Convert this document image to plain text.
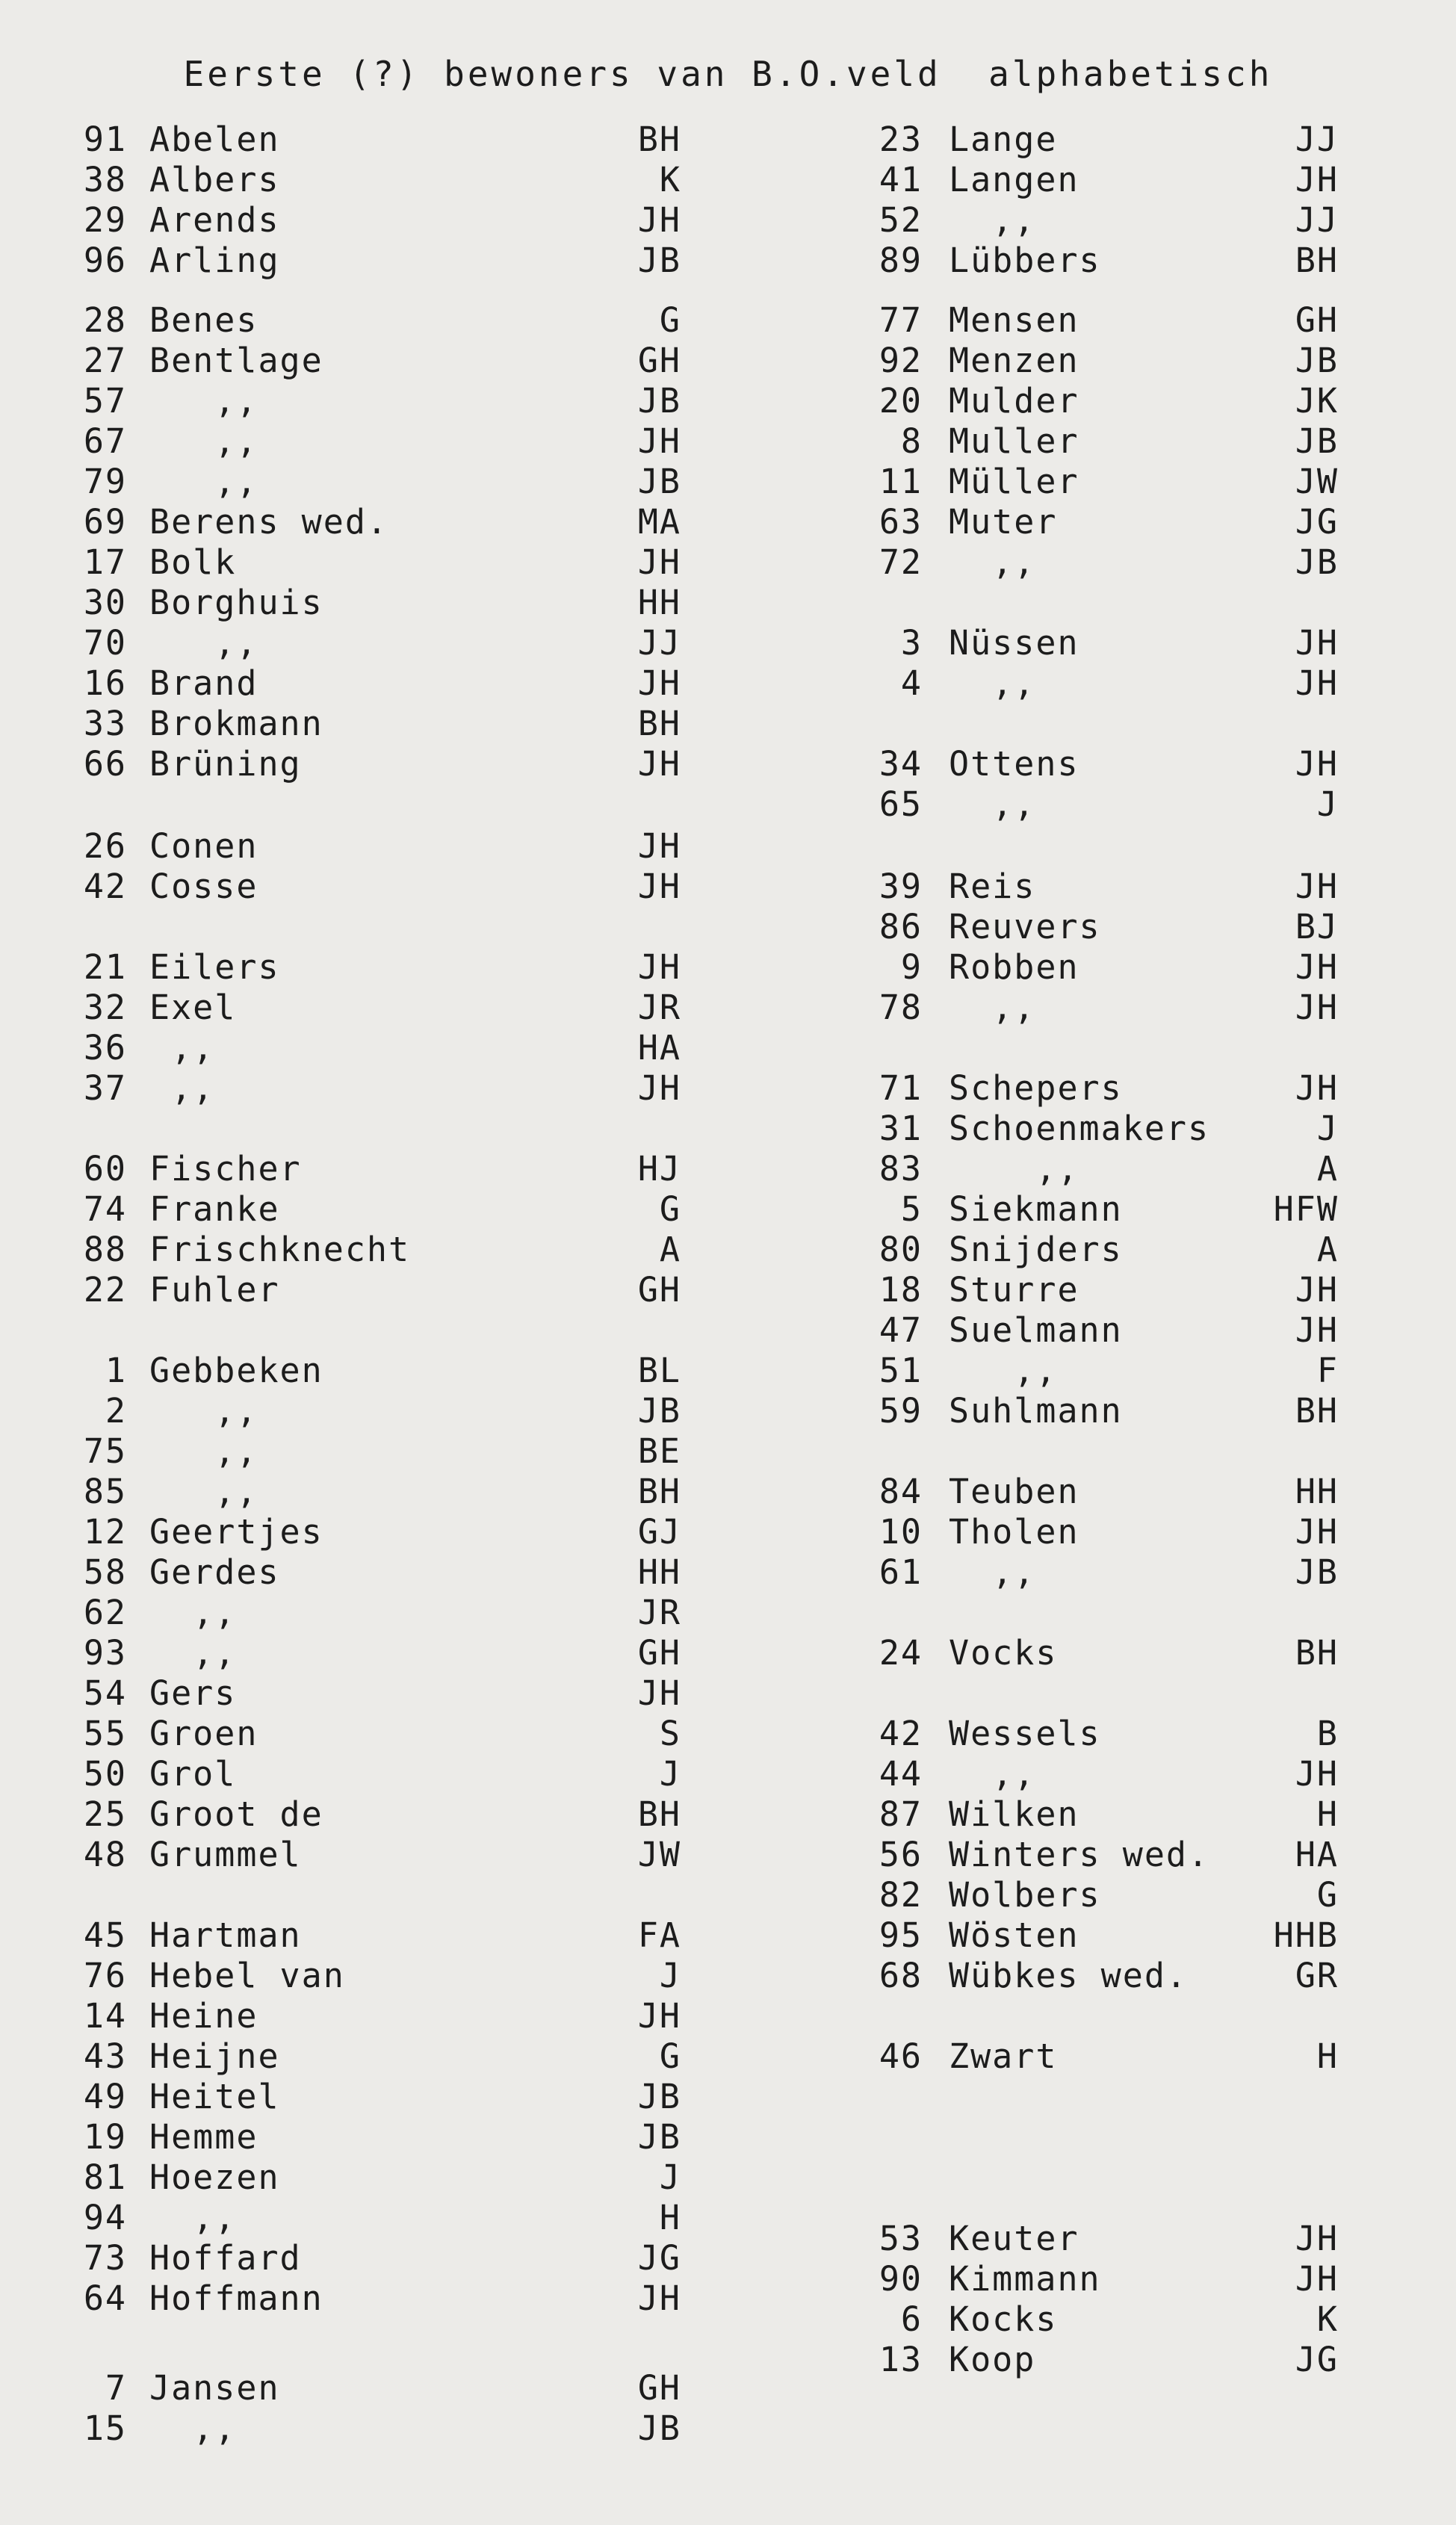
Eerste (?) bewoners van B.O.veld  alphabetisch
91 Abelen	BH
38 Albers	K
29 Arends	JH
96 Arling	JB
28 Benes	G
27 Bentlage	GH
57 ,,	JB
67 ,,	JH
79 ,,	JB
69 Berens wed.	MA
17 Bolk	JH
30 Borghuis	HH
70 ,,	JJ
16 Brand	JH
33 Brokmann	BH
66 Brüning	JH
26 Conen	JH
42 Cosse	JH
21 Eilers	JH
32 Exel	JR
36 ,,	HA
37 ,,	JH
60 Fischer	HJ
74 Franke	G
88 Frischknecht	A
22 Fuhler	GH
1 Gebbeken	BL
2 ,,	JB
75 ,,	BE
85 ,,	BH
12 Geertjes	GJ
58 Gerdes	HH
62 ,,	JR
93 ,,	GH
54 Gers	JH
55 Groen	S
50 Grol	J
25 Groot de	BH
48 Grummel	JW
45 Hartman	FA
76 Hebel van	J
14 Heine	JH
43 Heijne	G
49 Heitel	JB
19 Hemme	JB
81 Hoezen	J
94 ,,	H
73 Hoffard	JG
64 Hoffmann	JH
7 Jansen	GH
15 ,,	JB
23 Lange	JJ
41 Langen	JH
52 ,,	JJ
89 Lübbers	BH
77 Mensen	GH
92 Menzen	JB
20 Mulder	JK
8 Muller	JB
11 Müller	JW
63 Muter	JG
72 ,,	JB
3 Nüssen	JH
4 ,,	JH
34 Ottens	JH
65 ,,	J
39 Reis	JH
86 Reuvers	BJ
9 Robben	JH
78 ,,	JH
71 Schepers	JH
31 Schoenmakers	J
83 ,,	A
5 Siekmann	HFW
80 Snijders	A
18 Sturre	JH
47 Suelmann	JH
51 ,,	F
59 Suhlmann	BH
84 Teuben	HH
10 Tholen	JH
61 ,,	JB
24 Vocks	BH
42 Wessels	B
44 ,,	JH
87 Wilken	H
56 Winters wed.	HA
82 Wolbers	G
95 Wösten	HHB
68 Wübkes wed.	GR
46 Zwart	H
53 Keuter	JH
90 Kimmann	JH
6 Kocks	K
13 Koop	JG
